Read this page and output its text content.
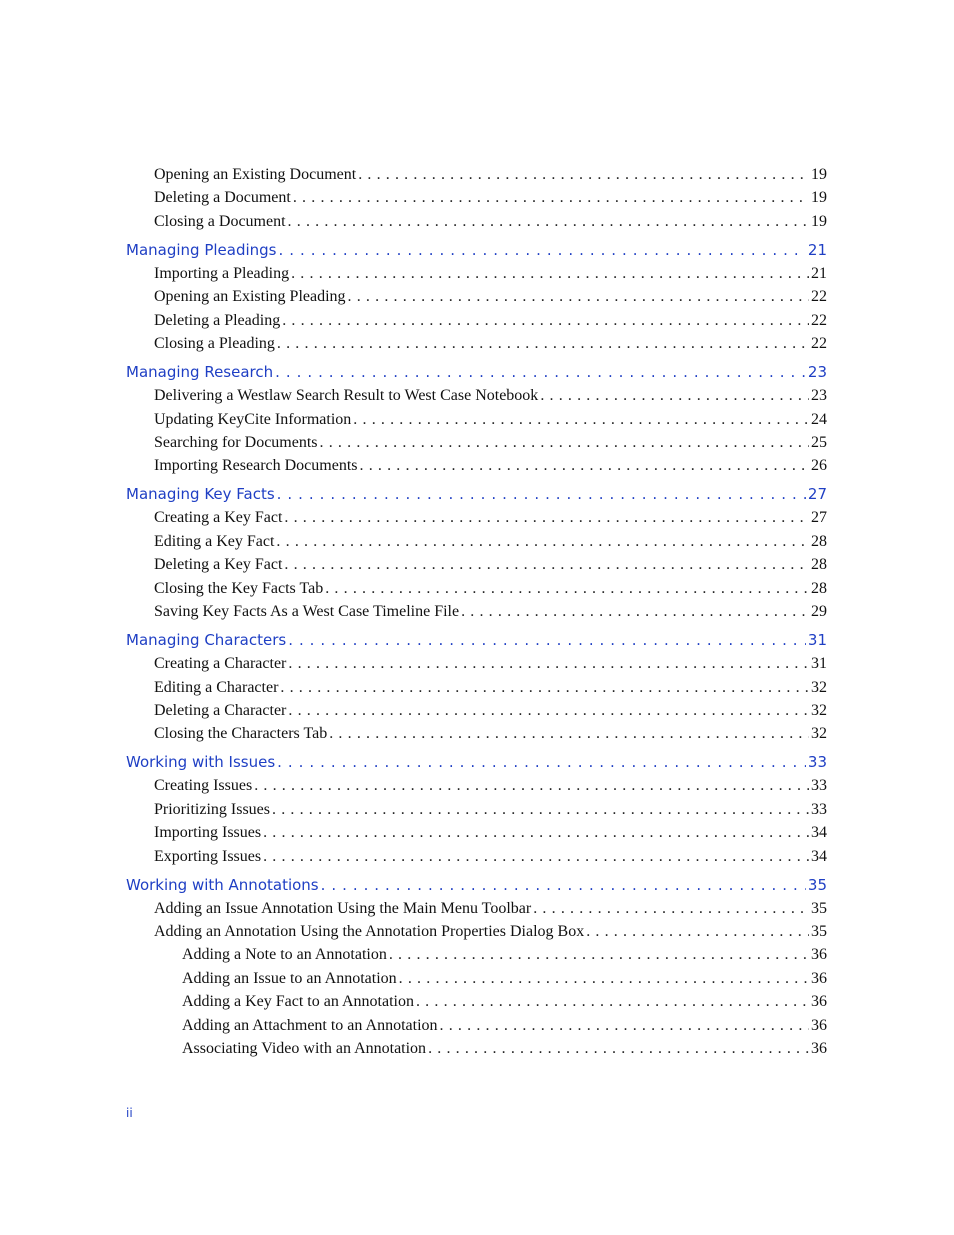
Opening an Existing Document . . .	19
Deleting a Document . . .	19
Closing a Document . . .	19
Managing Pleadings . . .	21
Importing a Pleading . . .	21
Opening an Existing Pleading . . .	22
Deleting a Pleading . . .	22
Closing a Pleading . . .	22
Managing Research . . .	23
Delivering a Westlaw Search Result to West Case Notebook . . .	23
Updating KeyCite Information . . .	24
Searching for Documents . . .	25
Importing Research Documents . . .	26
Managing Key Facts . . .	27
Creating a Key Fact . . .	27
Editing a Key Fact . . .	28
Deleting a Key Fact . . .	28
Closing the Key Facts Tab . . .	28
Saving Key Facts As a West Case Timeline File . . .	29
Managing Characters . . .	31
Creating a Character . . .	31
Editing a Character . . .	32
Deleting a Character . . .	32
Closing the Characters Tab . . .	32
Working with Issues . . .	33
Creating Issues . . .	33
Prioritizing Issues . . .	33
Importing Issues . . .	34
Exporting Issues . . .	34
Working with Annotations . . .	35
Adding an Issue Annotation Using the Main Menu Toolbar . . .	35
Adding an Annotation Using the Annotation Properties Dialog Box . . .	35
Adding a Note to an Annotation . . .	36
Adding an Issue to an Annotation . . .	36
Adding a Key Fact to an Annotation . . .	36
Adding an Attachment to an Annotation . . .	36
Associating Video with an Annotation . . .	36
ii
